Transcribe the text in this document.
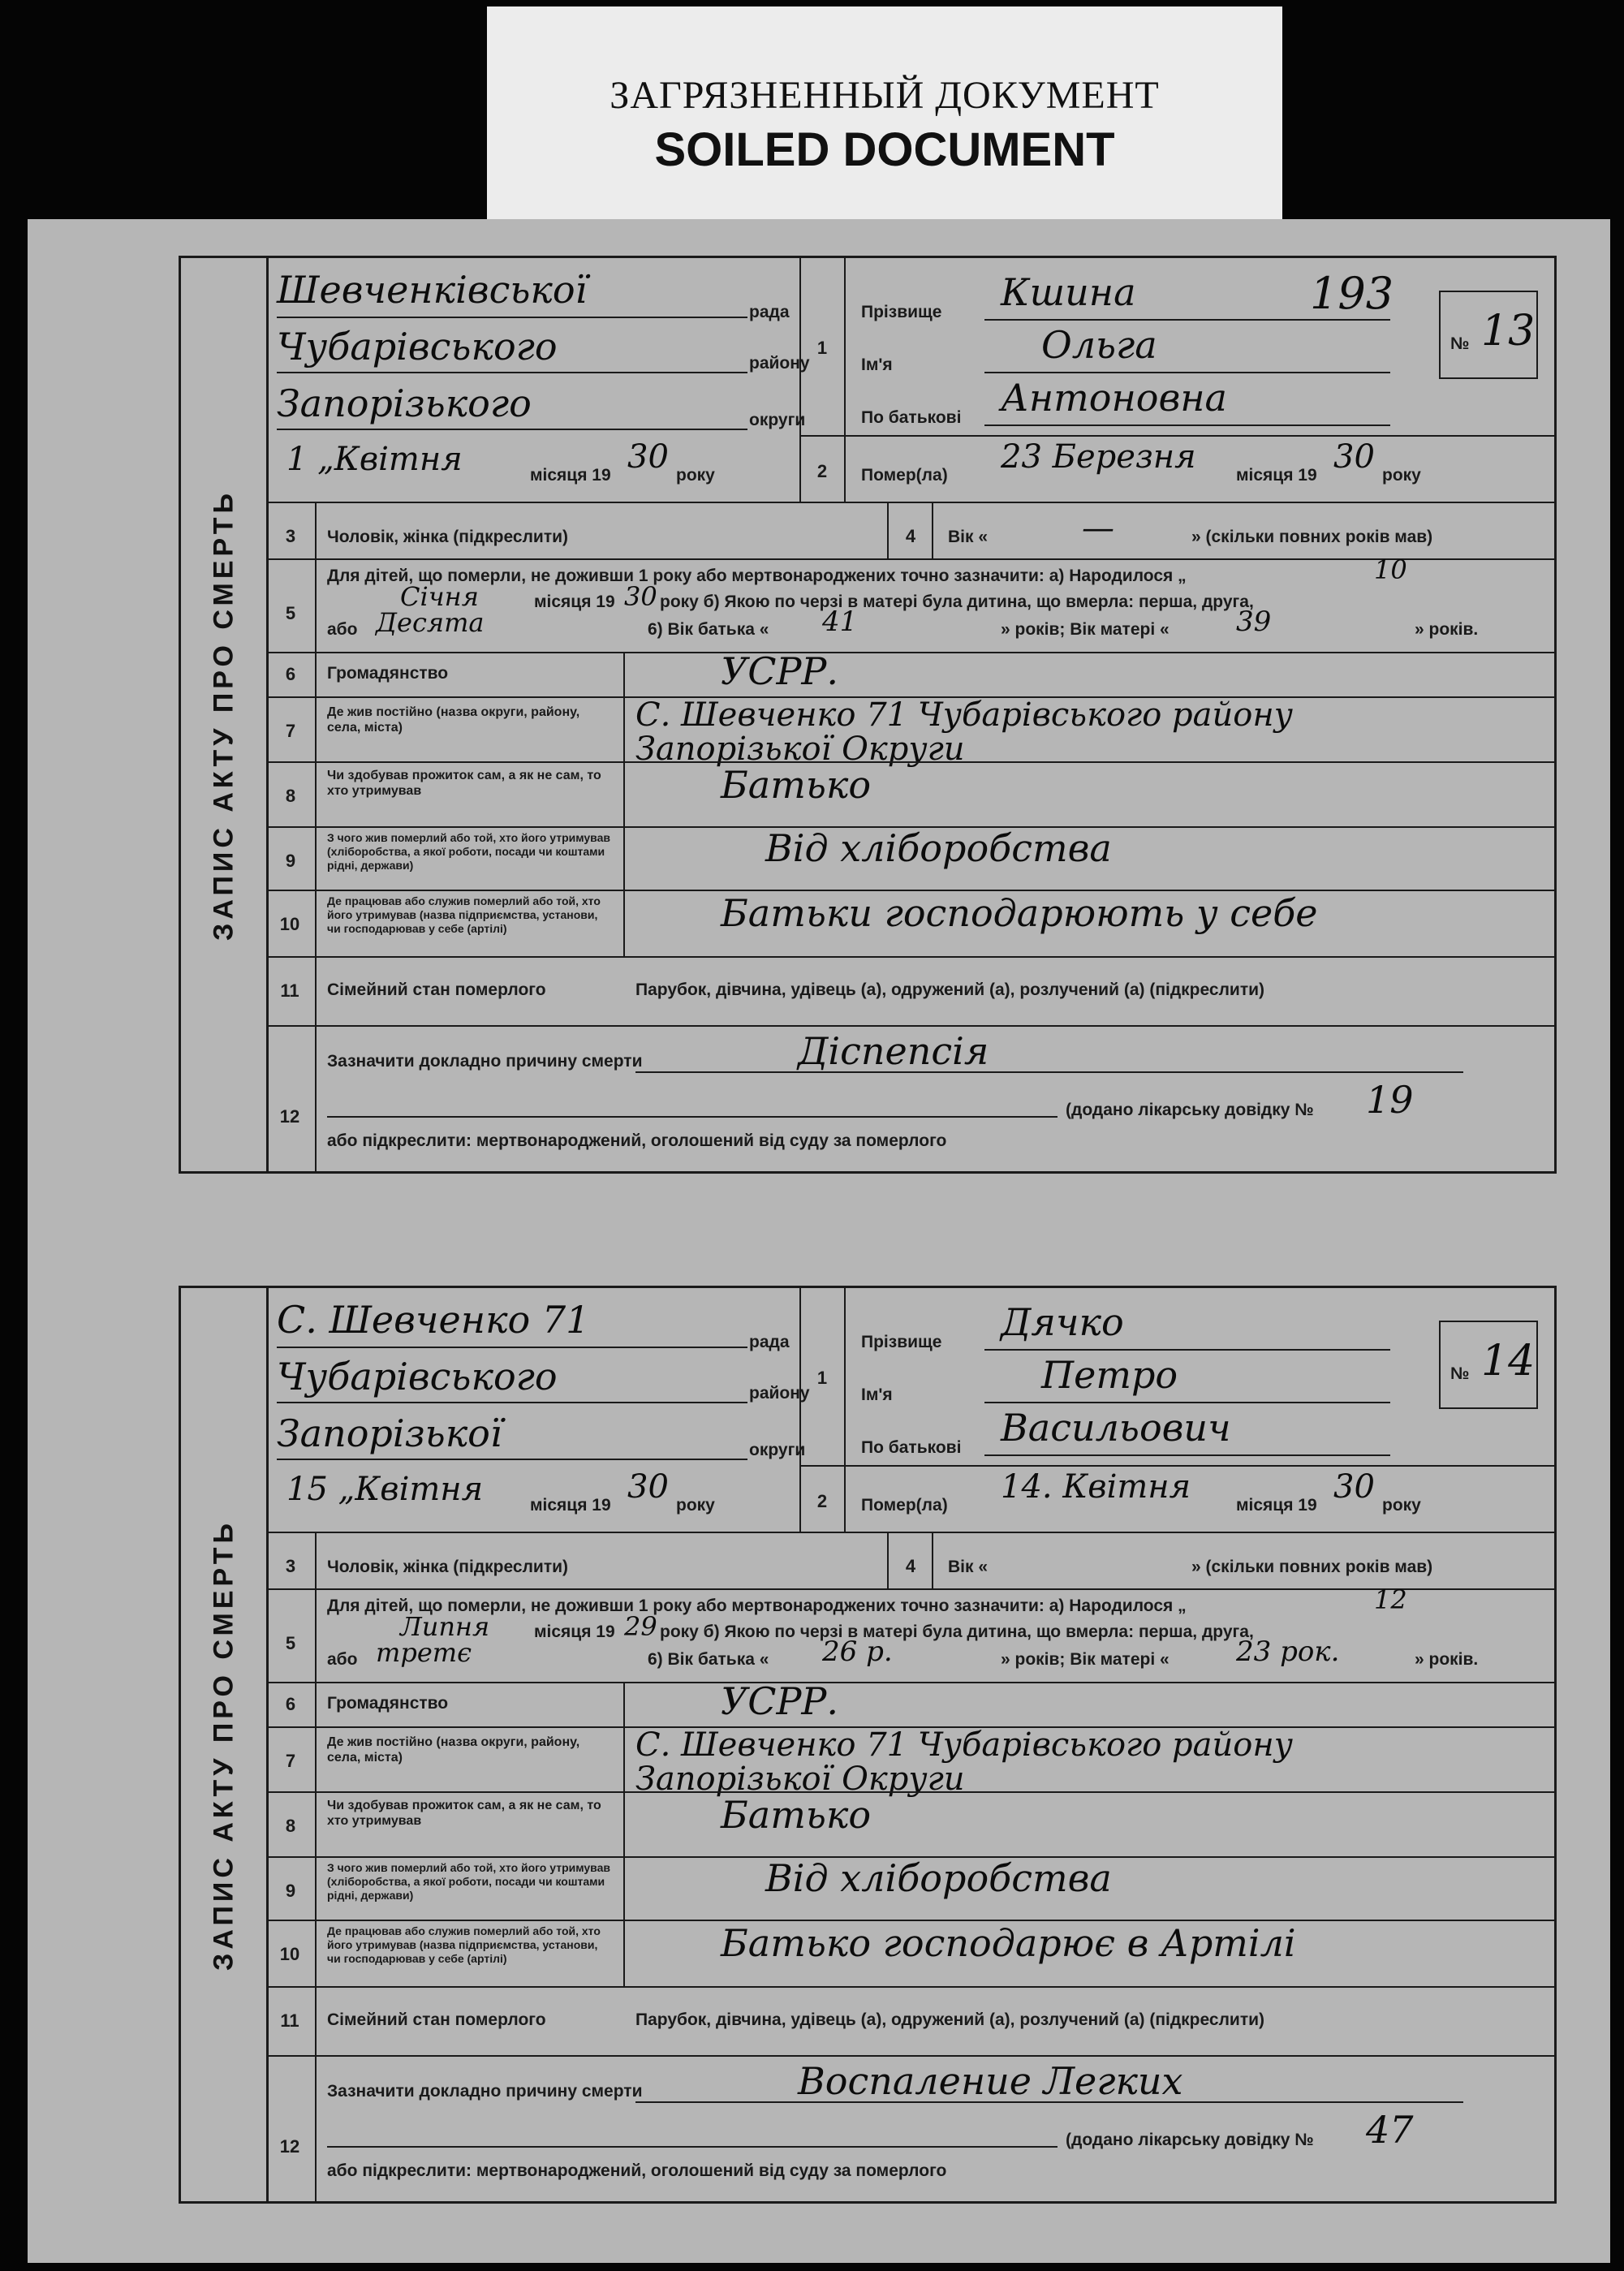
ЗАГРЯЗНЕННЫЙ ДОКУМЕНТ
SOILED DOCUMENT
193
ЗАПИС АКТУ ПРО СМЕРТЬ
Шевченківської
рада
Чубарівського	району
Запорізького	округи
1 „Квітня	місяця 19 30 року
1
2
Прізвище Кшина
Ім'я	Ольга
По батькові Антоновна
№ 13
Помер(ла) 23 Березня місяця 19 30 року
3	Чоловік, жінка (підкреслити)	4	Вік «	—	» (скільки повних років мав)
5
Для дітей, що померли, не доживши 1 року або мертвонароджених точно зазначити: а) Народилося „	10
Січня	місяця 19 30 року б) Якою по черзі в матері була дитина, що вмерла: перша, друга,
або Десята	6) Вік батька « 41	» років; Вік матері « 39	» років.
6	Громадянство	УСРР.
7
Де жив постійно (назва округи, району, села, міста)	С. Шевченко 71 Чубарівського району
Запорізької Округи
8
Чи здобував прожиток сам, а як не сам, то хто утримував	Батько
9
З чого жив померлий або той, хто його утримував (хліборобства, а якої роботи, посади чи коштами рідні, держави)	Від хліборобства
10
Де працював або служив померлий або той, хто його утримував (назва підприємства, установи, чи господарював у себе (артілі)	Батьки господарюють у себе
11	Сімейний стан померлого	Парубок, дівчина, удівець (а), одружений (а), розлучений (а) (підкреслити)
12
Зазначити докладно причину смерти	Діспепсія
(додано лікарську довідку № 19
або підкреслити: мертвонароджений, оголошений від суду за померлого
ЗАПИС АКТУ ПРО СМЕРТЬ
С. Шевченко 71
рада
Чубарівського	району
Запорізької	округи
15 „Квітня	місяця 19 30 року
1
2
Прізвище Дячко
Ім'я	Петро
По батькові Васильович
№ 14
Помер(ла) 14. Квітня	місяця 19 30 року
3	Чоловік, жінка (підкреслити)	4	Вік «	» (скільки повних років мав)
5
Для дітей, що померли, не доживши 1 року або мертвонароджених точно зазначити: а) Народилося „	12
Липня	місяця 19 29 року б) Якою по черзі в матері була дитина, що вмерла: перша, друга,
або третє	6) Вік батька « 26 р.	» років; Вік матері « 23 рок.	» років.
6	Громадянство	УСРР.
7
Де жив постійно (назва округи, району, села, міста)	С. Шевченко 71 Чубарівського району
Запорізької Округи
8
Чи здобував прожиток сам, а як не сам, то хто утримував	Батько
9
З чого жив померлий або той, хто його утримував (хліборобства, а якої роботи, посади чи коштами рідні, держави)	Від хліборобства
10
Де працював або служив померлий або той, хто його утримував (назва підприємства, установи, чи господарював у себе (артілі)	Батько господарює в Артілі
11	Сімейний стан померлого	Парубок, дівчина, удівець (а), одружений (а), розлучений (а) (підкреслити)
12
Зазначити докладно причину смерти	Воспаление Легких
(додано лікарську довідку № 47
або підкреслити: мертвонароджений, оголошений від суду за померлого
